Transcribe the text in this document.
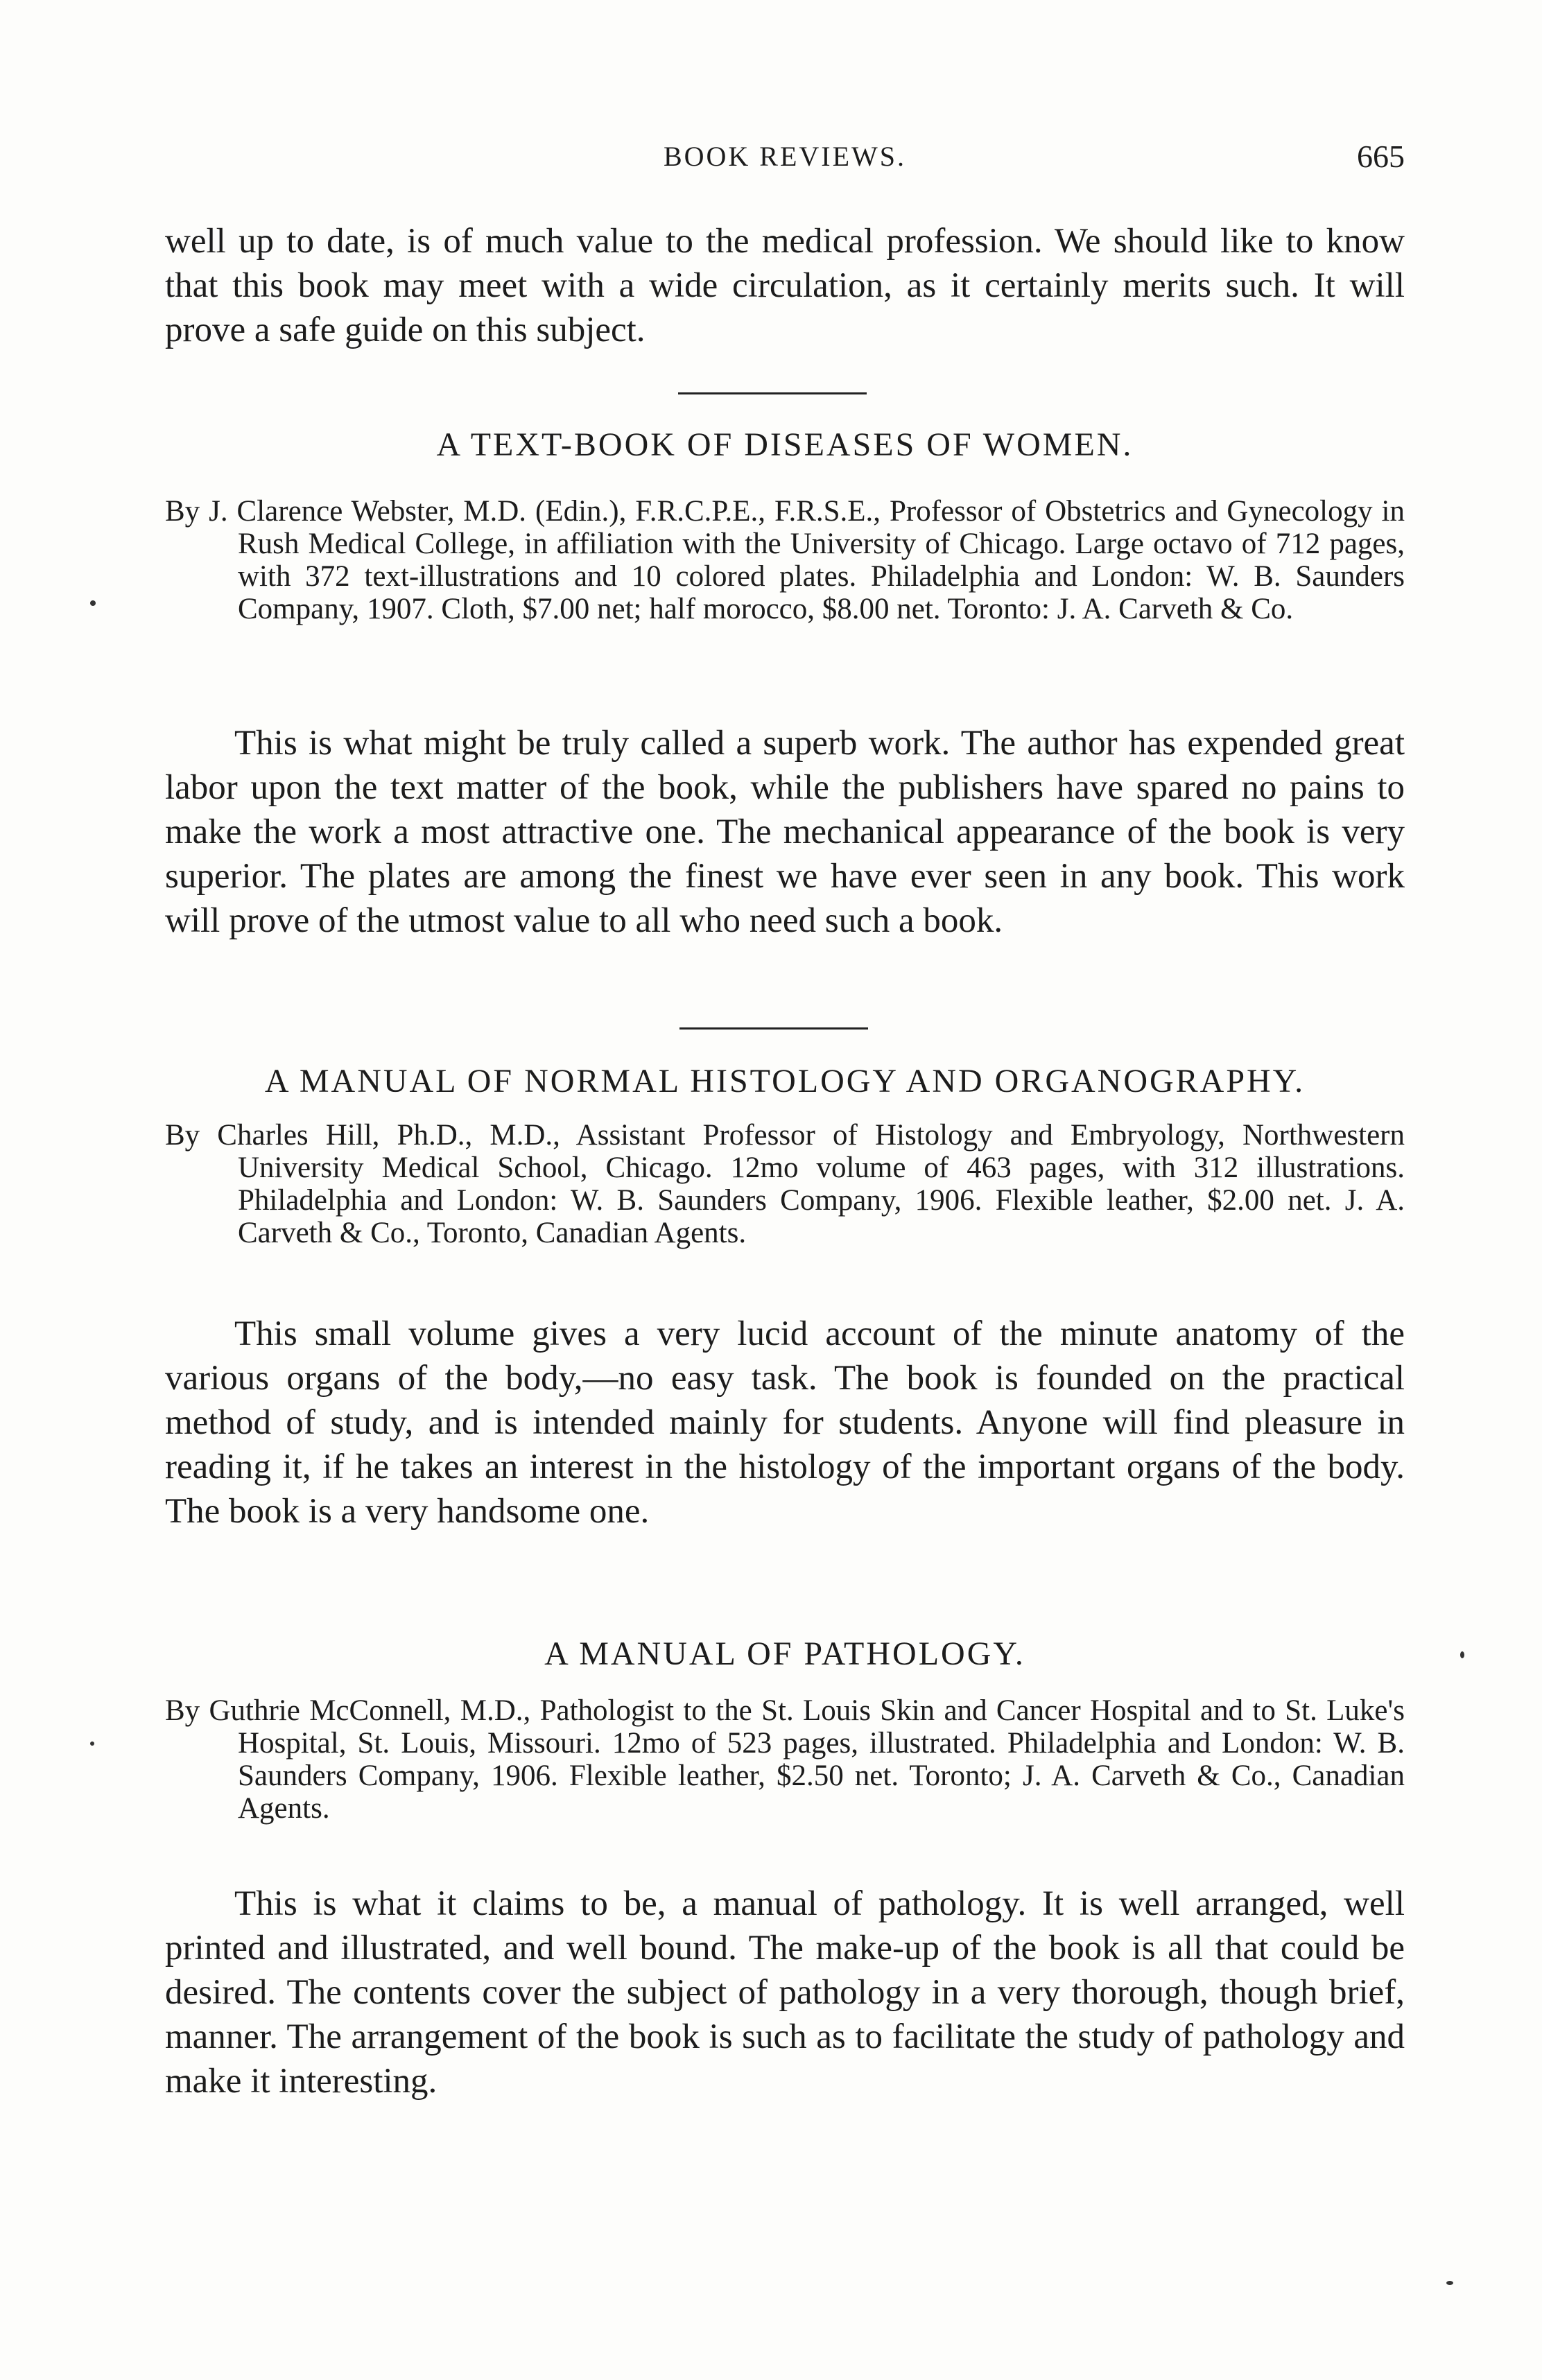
BOOK REVIEWS.	665

well up to date, is of much value to the medical profession. We should like to know that this book may meet with a wide circulation, as it certainly merits such. It will prove a safe guide on this subject.

A TEXT-BOOK OF DISEASES OF WOMEN.

By J. Clarence Webster, M.D. (Edin.), F.R.C.P.E., F.R.S.E., Professor of Obstetrics and Gynecology in Rush Medical College, in affiliation with the University of Chicago. Large octavo of 712 pages, with 372 text-illustrations and 10 colored plates. Philadelphia and London: W. B. Saunders Company, 1907. Cloth, $7.00 net; half morocco, $8.00 net. Toronto: J. A. Carveth & Co.

This is what might be truly called a superb work. The author has expended great labor upon the text matter of the book, while the publishers have spared no pains to make the work a most attractive one. The mechanical appearance of the book is very superior. The plates are among the finest we have ever seen in any book. This work will prove of the utmost value to all who need such a book.

A MANUAL OF NORMAL HISTOLOGY AND ORGANOGRAPHY.

By Charles Hill, Ph.D., M.D., Assistant Professor of Histology and Embryology, Northwestern University Medical School, Chicago. 12mo volume of 463 pages, with 312 illustrations. Philadelphia and London: W. B. Saunders Company, 1906. Flexible leather, $2.00 net. J. A. Carveth & Co., Toronto, Canadian Agents.

This small volume gives a very lucid account of the minute anatomy of the various organs of the body,—no easy task. The book is founded on the practical method of study, and is intended mainly for students. Anyone will find pleasure in reading it, if he takes an interest in the histology of the important organs of the body. The book is a very handsome one.

A MANUAL OF PATHOLOGY.

By Guthrie McConnell, M.D., Pathologist to the St. Louis Skin and Cancer Hospital and to St. Luke's Hospital, St. Louis, Missouri. 12mo of 523 pages, illustrated. Philadelphia and London: W. B. Saunders Company, 1906. Flexible leather, $2.50 net. Toronto; J. A. Carveth & Co., Canadian Agents.

This is what it claims to be, a manual of pathology. It is well arranged, well printed and illustrated, and well bound. The make-up of the book is all that could be desired. The contents cover the subject of pathology in a very thorough, though brief, manner. The arrangement of the book is such as to facilitate the study of pathology and make it interesting.
